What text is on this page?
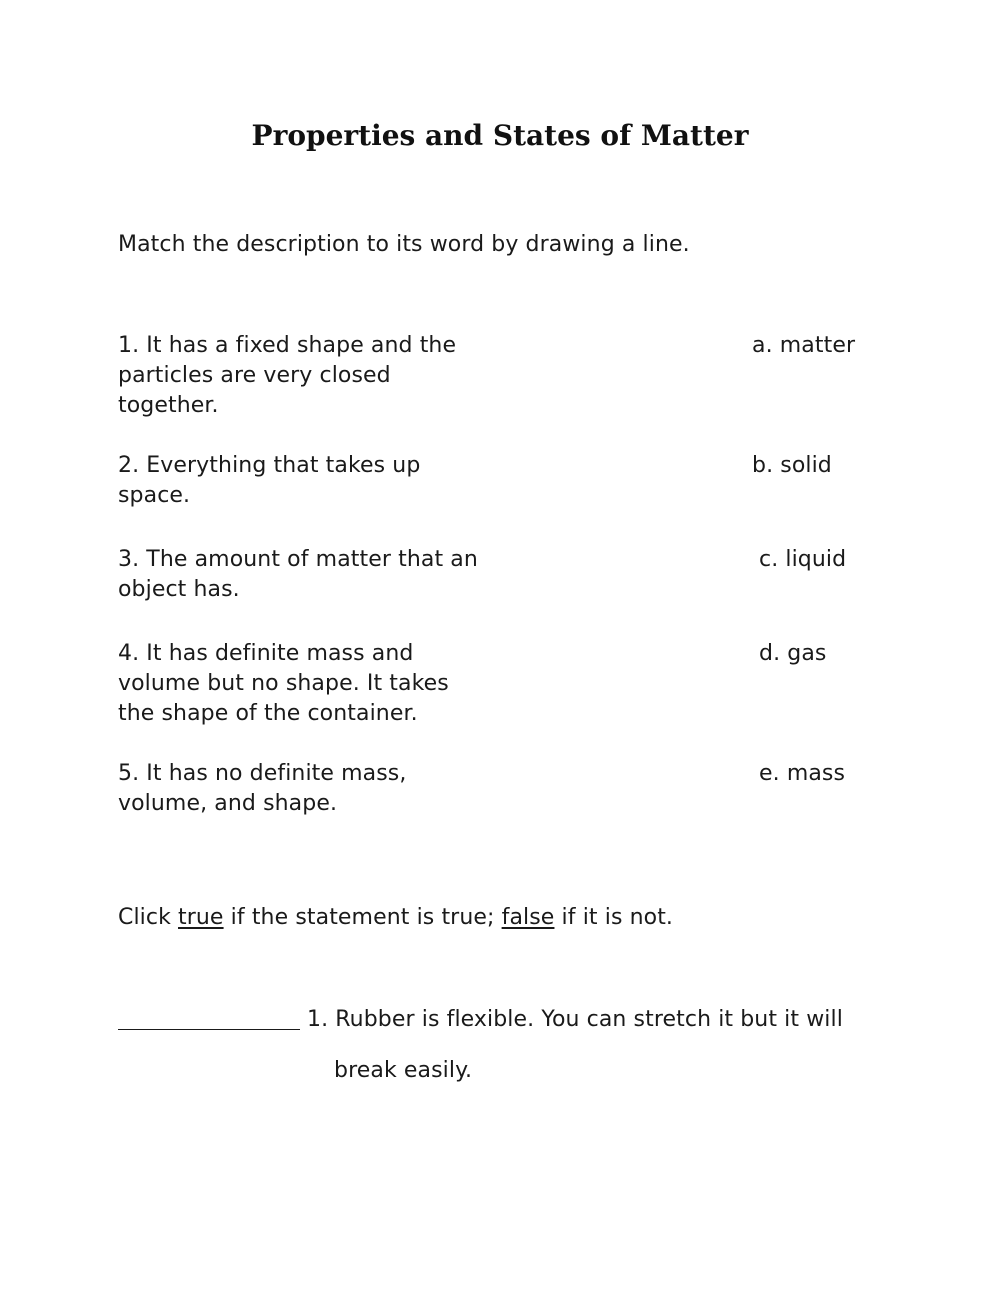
Properties and States of Matter

Match the description to its word by drawing a line.

1. It has a fixed shape and the
particles are very closed
together.

2. Everything that takes up
space.

3. The amount of matter that an
object has.

4. It has definite mass and
volume but no shape. It takes
the shape of the container.

5. It has no definite mass,
volume, and shape.

a. matter

b. solid

c. liquid

d. gas

e. mass

Click true if the statement is true; false if it is not.

1. Rubber is flexible. You can stretch it but it will

break easily.
